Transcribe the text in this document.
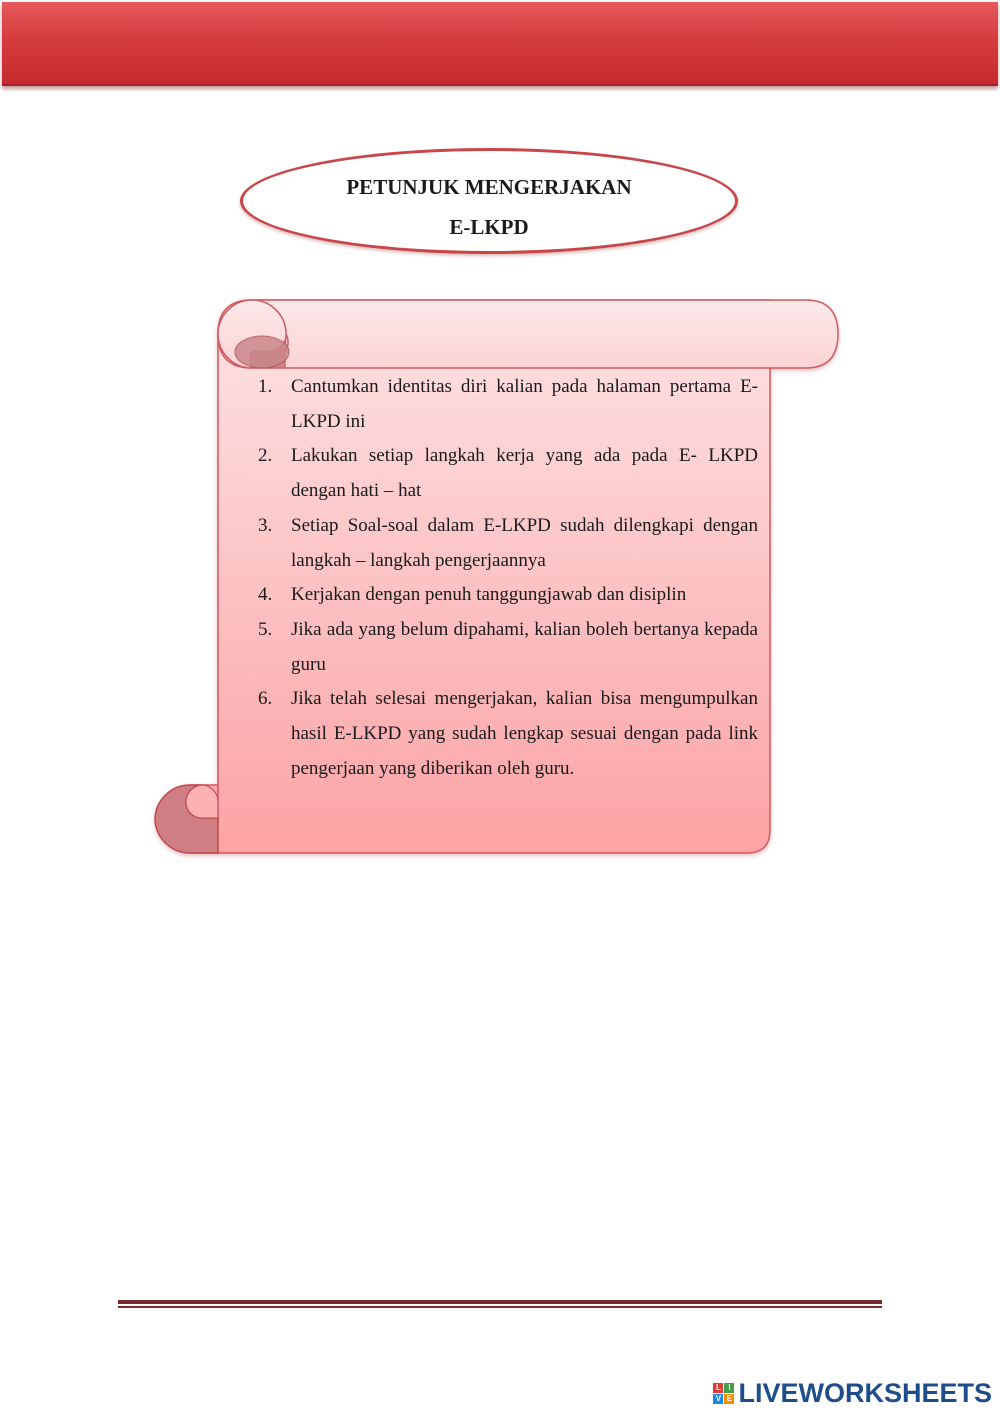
PETUNJUK MENGERJAKAN
E-LKPD
1. Cantumkan identitas diri kalian pada halaman pertama E-LKPD ini
2. Lakukan setiap langkah kerja yang ada pada E- LKPD dengan hati – hat
3. Setiap Soal-soal dalam E-LKPD sudah dilengkapi dengan langkah – langkah pengerjaannya
4. Kerjakan dengan penuh tanggungjawab dan disiplin
5. Jika ada yang belum dipahami, kalian boleh bertanya kepada guru
6. Jika telah selesai mengerjakan, kalian bisa mengumpulkan hasil E-LKPD yang sudah lengkap sesuai dengan pada link pengerjaan yang diberikan oleh guru.
L I
V E LIVEWORKSHEETS
